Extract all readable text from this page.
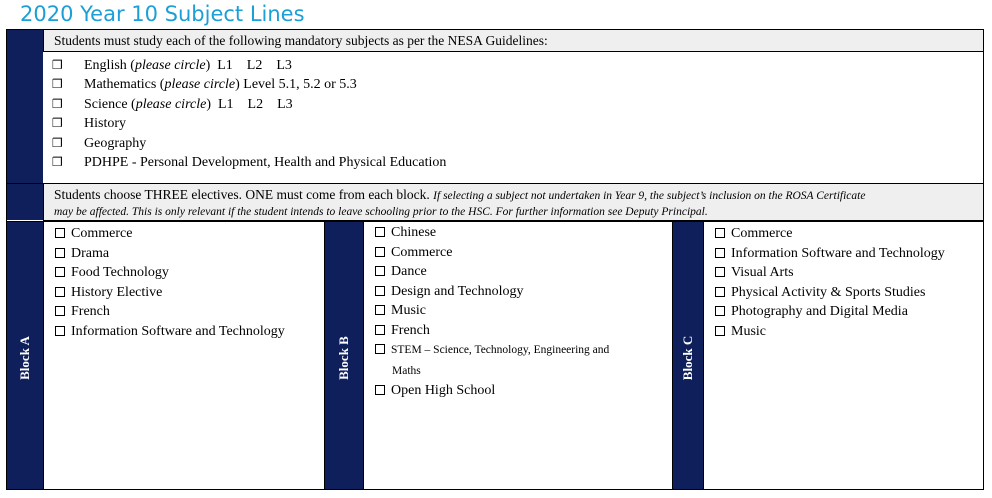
2020 Year 10 Subject Lines
Students must study each of the following mandatory subjects as per the NESA Guidelines:
❒ English (please circle)  L1    L2    L3
❒ Mathematics (please circle) Level 5.1, 5.2 or 5.3
❒ Science (please circle)  L1    L2    L3
❒ History
❒ Geography
❒ PDHPE - Personal Development, Health and Physical Education
Students choose THREE electives. ONE must come from each block. If selecting a subject not undertaken in Year 9, the subject’s inclusion on the ROSA Certificate
may be affected. This is only relevant if the student intends to leave schooling prior to the HSC. For further information see Deputy Principal.
Block A
Commerce
Drama
Food Technology
History Elective
French
Information Software and Technology
Block B
Chinese
Commerce
Dance
Design and Technology
Music
French
STEM – Science, Technology, Engineering and
Maths
Open High School
Block C
Commerce
Information Software and Technology
Visual Arts
Physical Activity & Sports Studies
Photography and Digital Media
Music
